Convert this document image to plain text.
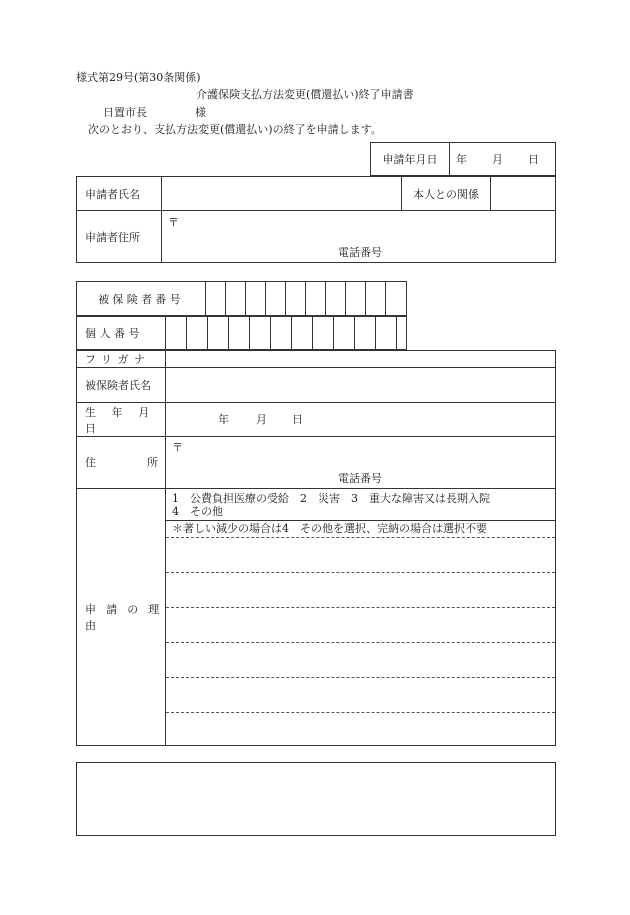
様式第29号(第30条関係)
介護保険支払方法変更(償還払い)終了申請書
日置市長	様
次のとおり、支払方法変更(償還払い)の終了を申請します。
申請年月日	年 月 日
申請者氏名		本人との関係	
申請者住所	〒
電話番号		
被保険者番号										
個 人 番 号												
フリガナ	
被保険者氏名	
生 年 月 日	年 月 日

住 所	〒
電話番号

申 請 の 理 由	1　公費負担医療の受給　2　災害　3　重大な障害又は長期入院
4　その他
＊著しい減少の場合は4　その他を選択、完納の場合は選択不要
